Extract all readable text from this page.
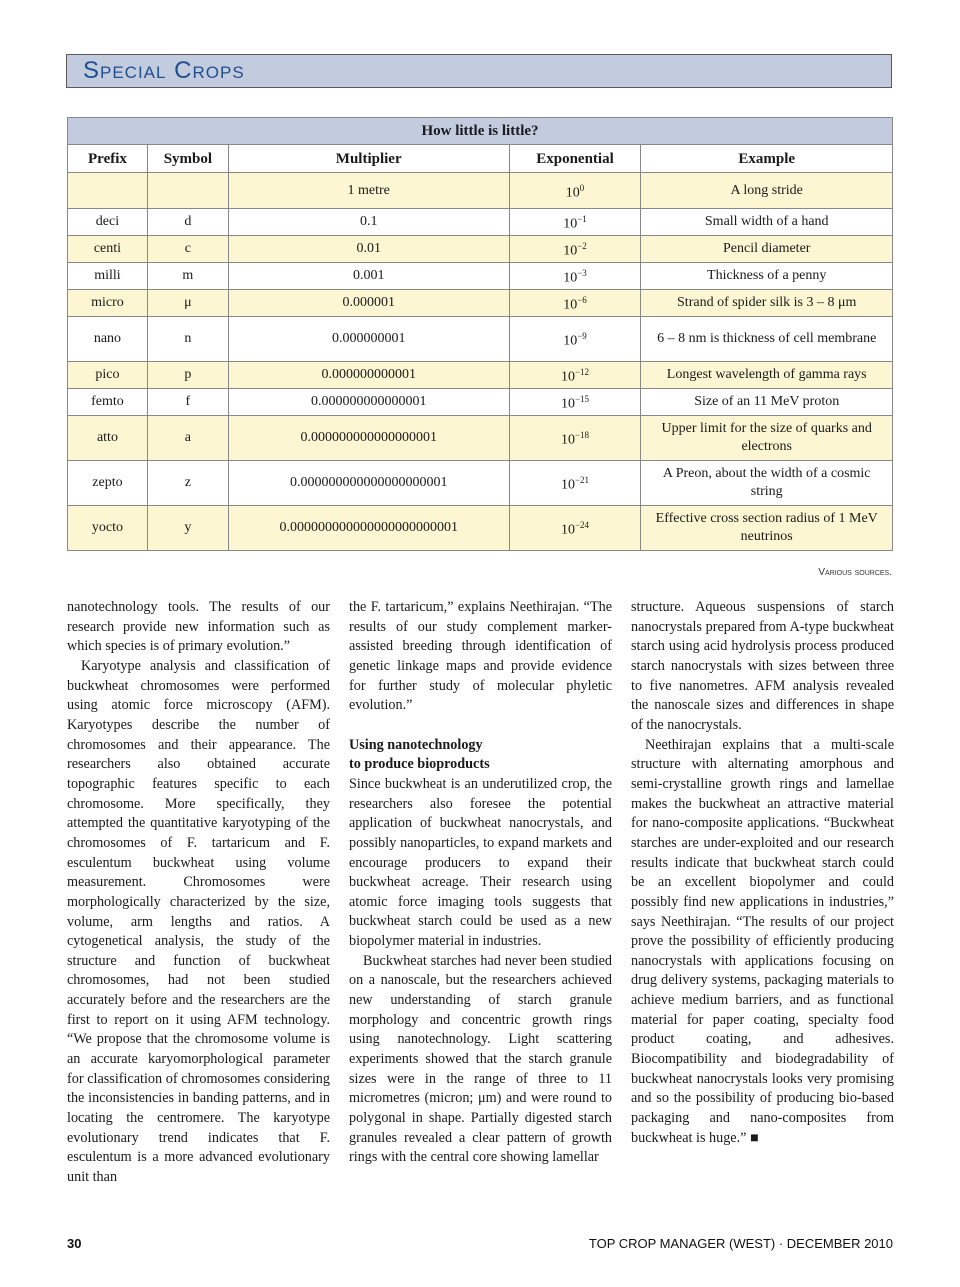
Special Crops
How little is little?
Prefix	Symbol	Multiplier	Exponential	Example
		1 metre	$10^0$	A long stride
deci	d	0.1	$10^{-1}$	Small width of a hand
centi	c	0.01	$10^{-2}$	Pencil diameter
milli	m	0.001	$10^{-3}$	Thickness of a penny
micro	μ	0.000001	$10^{-6}$	Strand of spider silk is 3 – 8 μm
nano	n	0.000000001	$10^{-9}$	6 – 8 nm is thickness of cell membrane
pico	p	0.000000000001	$10^{-12}$	Longest wavelength of gamma rays
femto	f	0.000000000000001	$10^{-15}$	Size of an 11 MeV proton
atto	a	0.000000000000000001	$10^{-18}$	Upper limit for the size of quarks and electrons
zepto	z	0.000000000000000000001	$10^{-21}$	A Preon, about the width of a cosmic string
yocto	y	0.000000000000000000000001	$10^{-24}$	Effective cross section radius of 1 MeV neutrinos
Various sources.

nanotechnology tools. The results of our research provide new information such as which species is of primary evolution.”

Karyotype analysis and classification of buckwheat chromosomes were performed using atomic force microscopy (AFM). Karyotypes describe the number of chromosomes and their appearance. The researchers also obtained accurate topographic features specific to each chromosome. More specifically, they attempted the quantitative karyotyping of the chromosomes of F. tartaricum and F. esculentum buckwheat using volume measurement. Chromosomes were morphologically characterized by the size, volume, arm lengths and ratios. A cytogenetical analysis, the study of the structure and function of buckwheat chromosomes, had not been studied accurately before and the researchers are the first to report on it using AFM technology. “We propose that the chromosome volume is an accurate karyomorphological parameter for classification of chromosomes considering the inconsistencies in banding patterns, and in locating the centromere. The karyotype evolutionary trend indicates that F. esculentum is a more advanced evolutionary unit than

the F. tartaricum,” explains Neethirajan. “The results of our study complement marker-assisted breeding through identification of genetic linkage maps and provide evidence for further study of molecular phyletic evolution.”

Using nanotechnology
to produce bioproducts

Since buckwheat is an underutilized crop, the researchers also foresee the potential application of buckwheat nanocrystals, and possibly nanoparticles, to expand markets and encourage producers to expand their buckwheat acreage. Their research using atomic force imaging tools suggests that buckwheat starch could be used as a new biopolymer material in industries.

Buckwheat starches had never been studied on a nanoscale, but the researchers achieved new understanding of starch granule morphology and concentric growth rings using nanotechnology. Light scattering experiments showed that the starch granule sizes were in the range of three to 11 micrometres (micron; μm) and were round to polygonal in shape. Partially digested starch granules revealed a clear pattern of growth rings with the central core showing lamellar

structure. Aqueous suspensions of starch nanocrystals prepared from A-type buckwheat starch using acid hydrolysis process produced starch nanocrystals with sizes between three to five nanometres. AFM analysis revealed the nanoscale sizes and differences in shape of the nanocrystals.

Neethirajan explains that a multi-scale structure with alternating amorphous and semi-crystalline growth rings and lamellae makes the buckwheat an attractive material for nano-composite applications. “Buckwheat starches are under-exploited and our research results indicate that buckwheat starch could be an excellent biopolymer and could possibly find new applications in industries,” says Neethirajan. “The results of our project prove the possibility of efficiently producing nanocrystals with applications focusing on drug delivery systems, packaging materials to achieve medium barriers, and as functional material for paper coating, specialty food product coating, and adhesives. Biocompatibility and biodegradability of buckwheat nanocrystals looks very promising and so the possibility of producing bio-based packaging and nano-composites from buckwheat is huge.” ■

30	TOP CROP MANAGER (WEST) · DECEMBER 2010
